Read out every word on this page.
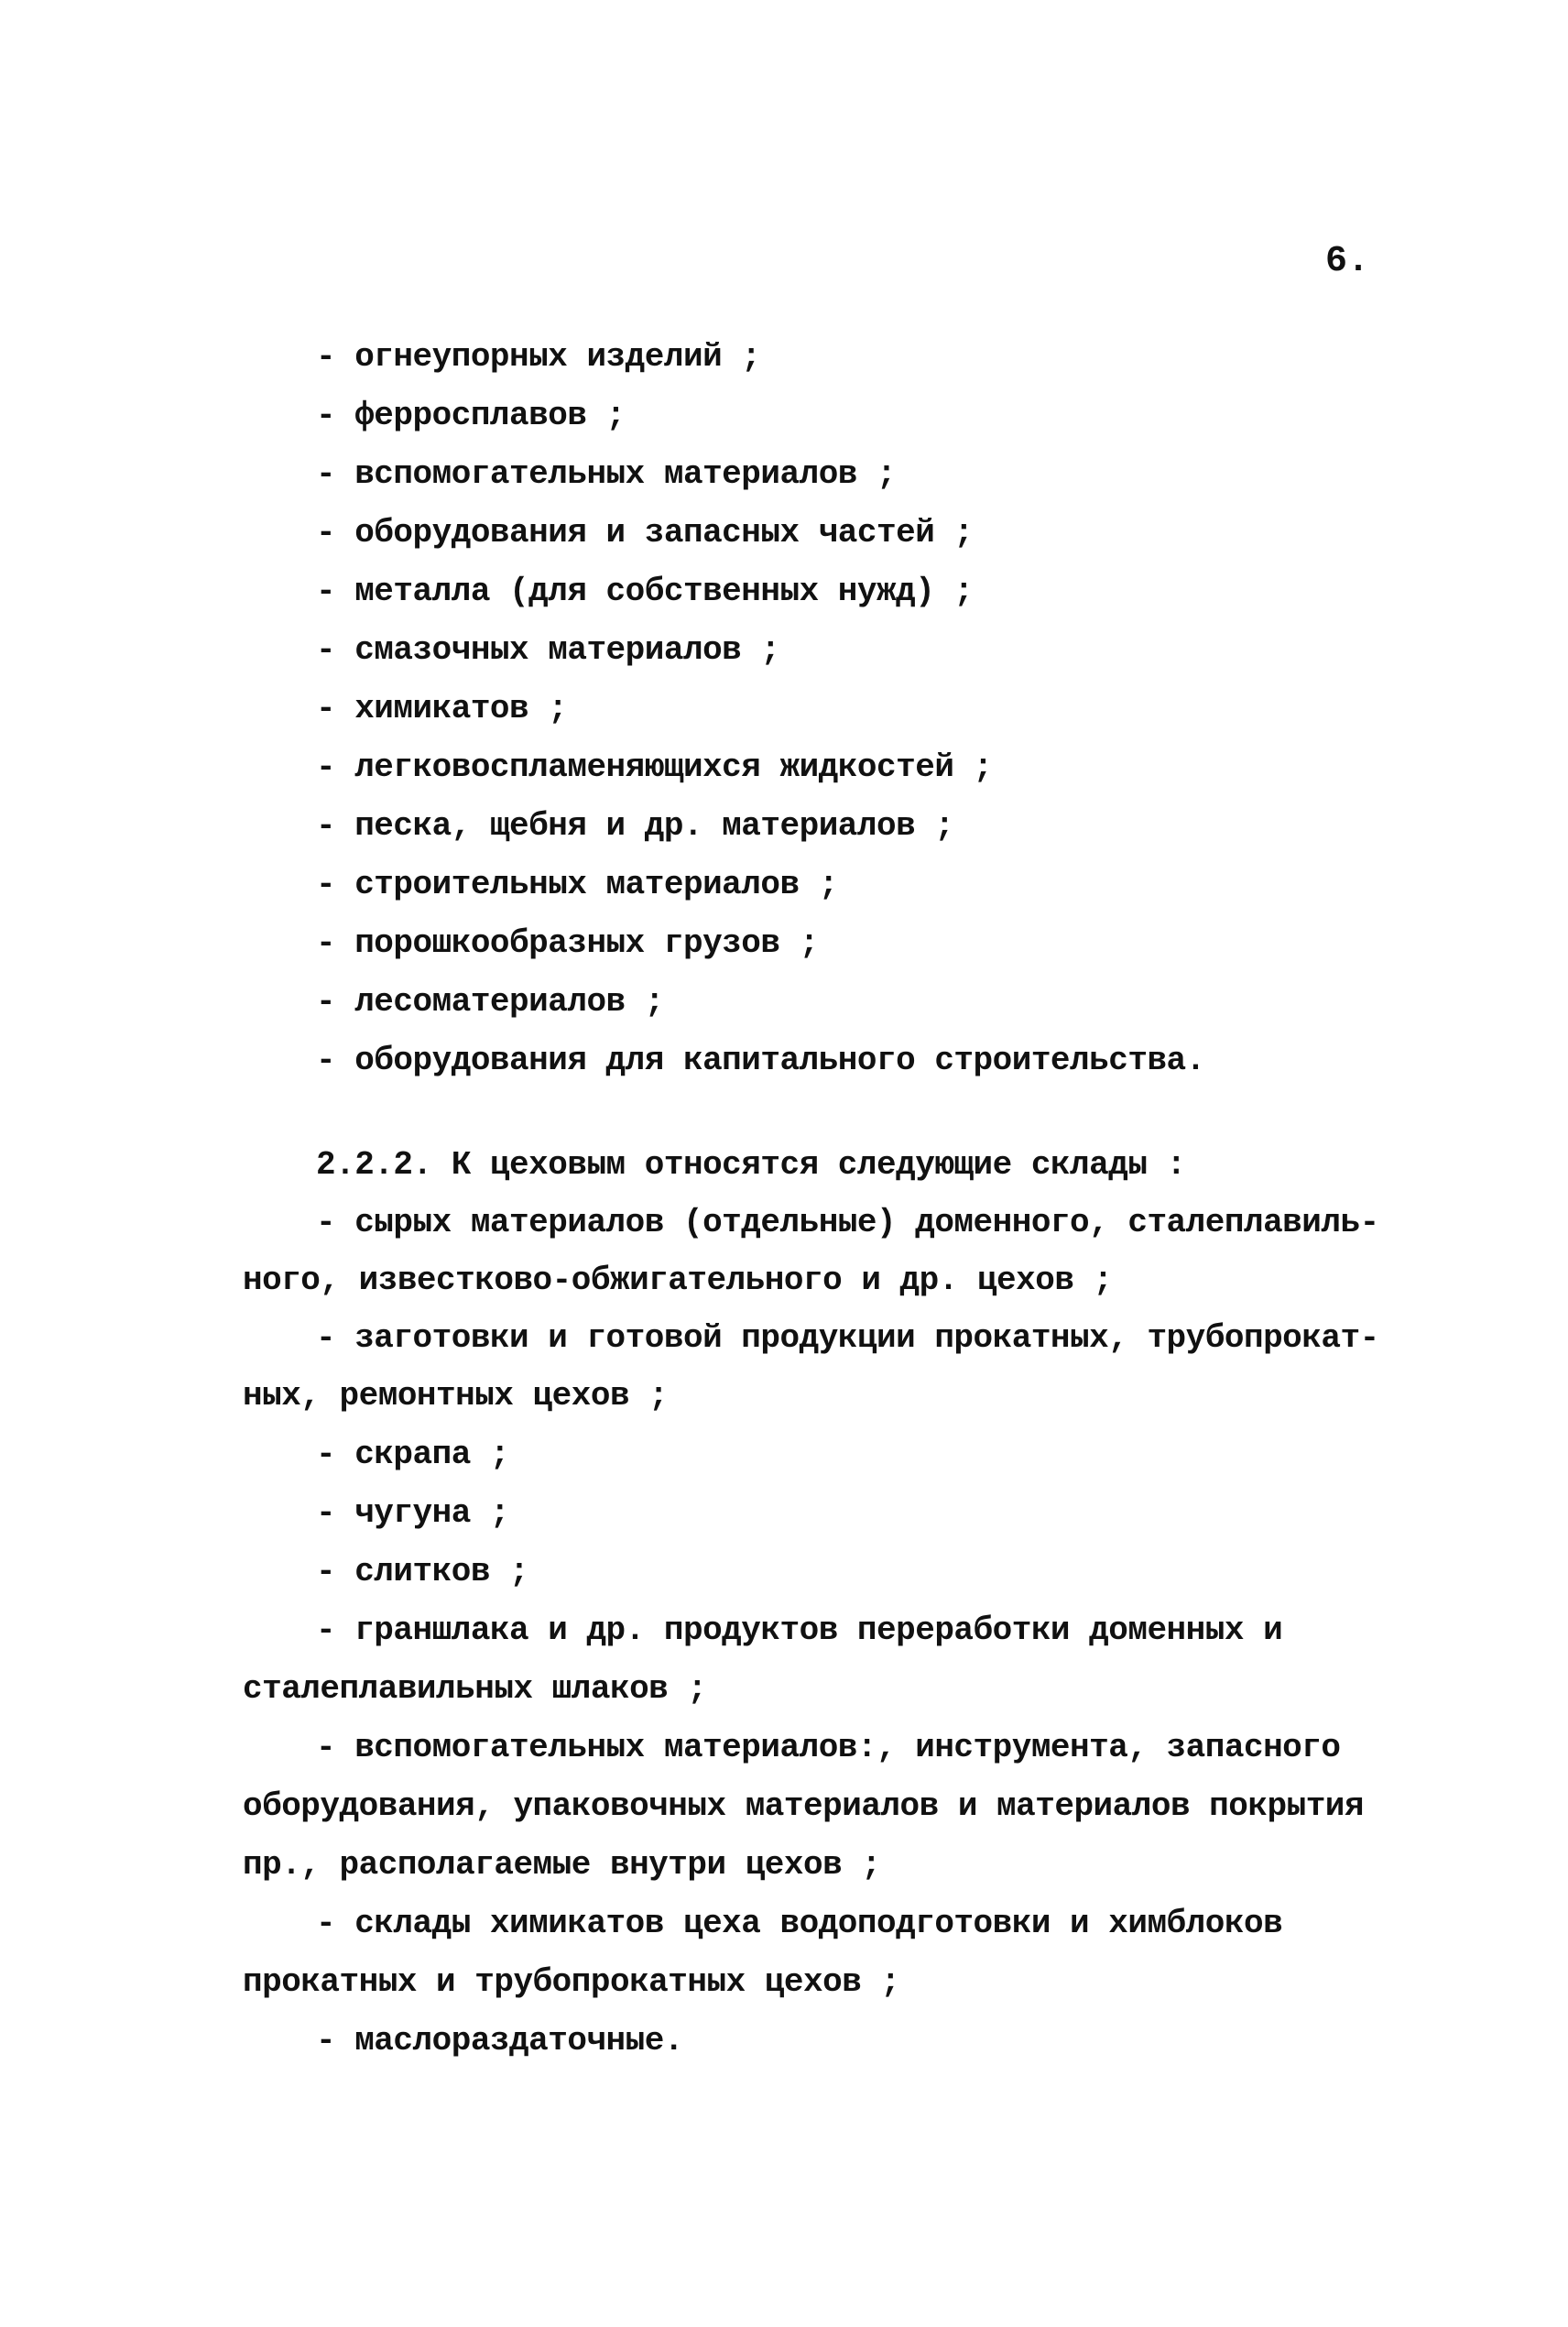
6.
- огнеупорных изделий ;
- ферросплавов ;
- вспомогательных материалов ;
- оборудования и запасных частей ;
- металла (для собственных нужд) ;
- смазочных материалов ;
- химикатов ;
- легковоспламеняющихся жидкостей ;
- песка, щебня и др. материалов ;
- строительных материалов ;
- порошкообразных грузов ;
- лесоматериалов ;
- оборудования для капитального строительства.
2.2.2. К цеховым относятся следующие склады :
- сырых материалов (отдельные) доменного, сталеплавиль-
ного, известково-обжигательного и др. цехов ;
- заготовки и готовой продукции прокатных, трубопрокат-
ных, ремонтных цехов ;
- скрапа ;
- чугуна ;
- слитков ;
- граншлака и др. продуктов переработки доменных и
сталеплавильных шлаков ;
- вспомогательных материалов:, инструмента, запасного
оборудования, упаковочных материалов и материалов покрытия
пр., располагаемые внутри цехов ;
- склады химикатов цеха водоподготовки и химблоков
прокатных и трубопрокатных цехов ;
- маслораздаточные.
